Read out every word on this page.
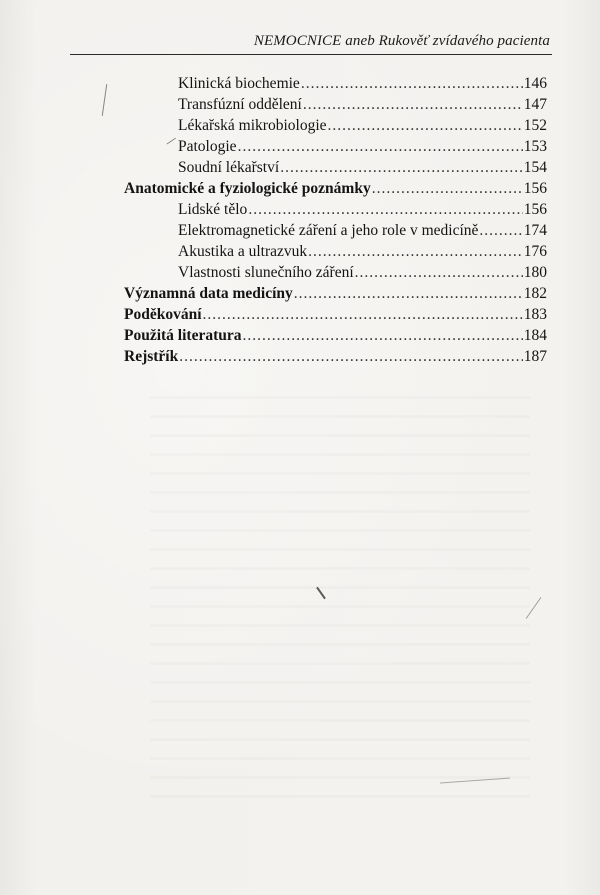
NEMOCNICE aneb Rukověť zvídavého pacienta
Klinická biochemie .....	146
Transfúzní oddělení .....	147
Lékařská mikrobiologie .....	152
Patologie .....	153
Soudní lékařství .....	154
Anatomické a fyziologické poznámky .....	156
Lidské tělo .....	156
Elektromagnetické záření a jeho role v medicíně .....	174
Akustika a ultrazvuk .....	176
Vlastnosti slunečního záření .....	180
Významná data medicíny .....	182
Poděkování .....	183
Použitá literatura .....	184
Rejstřík .....	187
⟋
